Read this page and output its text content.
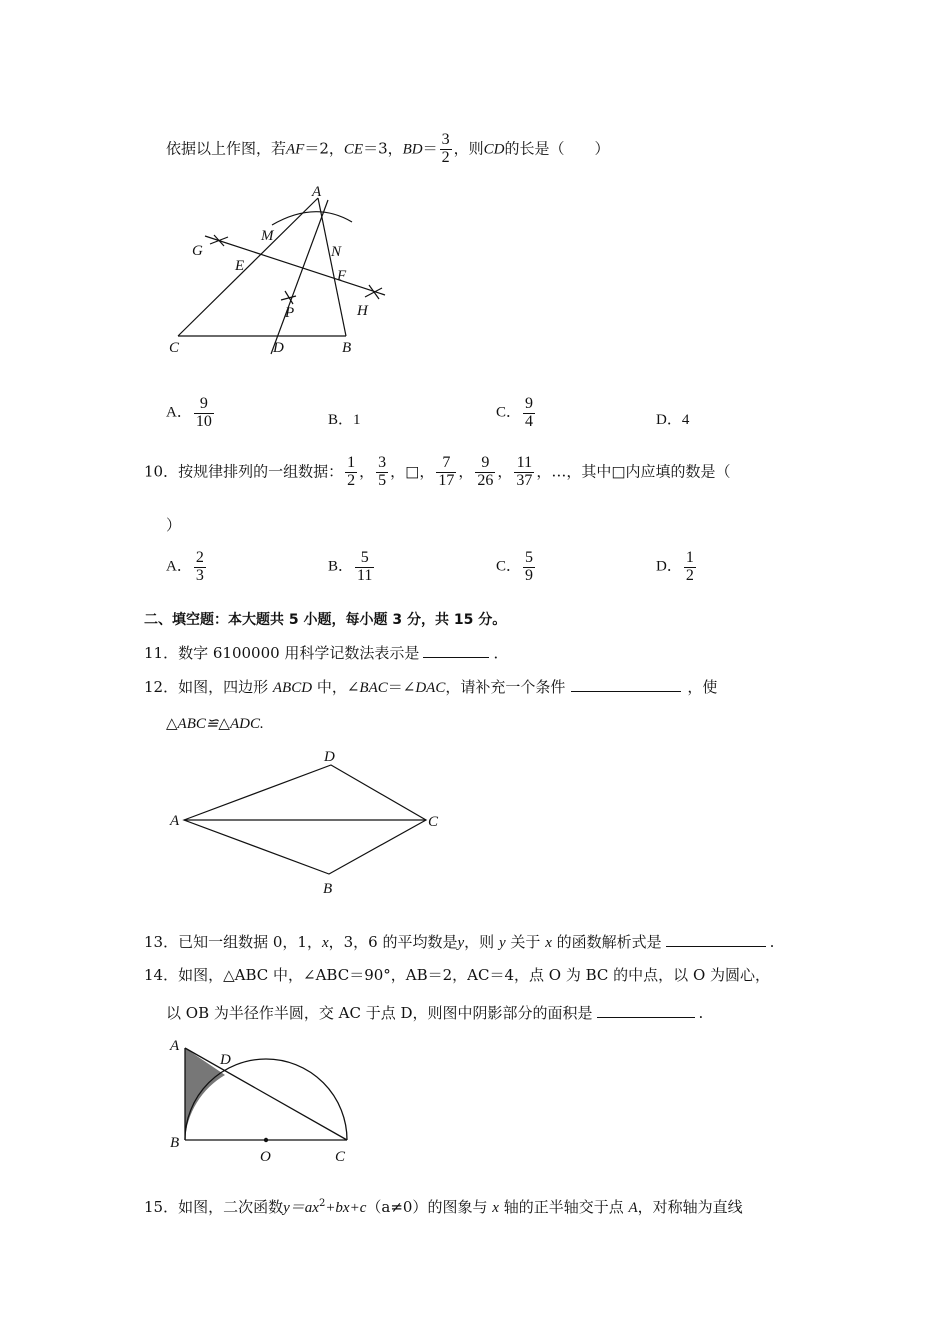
依据以上作图，若AF＝2，CE＝3，$BD= \frac{3}{2}$ ，则CD的长是（　　）
A
M
G	N
E
F
H
P
C	D	B
A． $\frac{9}{10}$	B．1	C． $\frac{9}{4}$	D．4
10．按规律排列的一组数据： $\frac{1}{2}$ ， $\frac{3}{5}$ ，□， $\frac{7}{17}$ ， $\frac{9}{26}$ ， $\frac{11}{37}$ ，…，其中□内应填的数是（
）
A． $\frac{2}{3}$	B． $\frac{5}{11}$	C． $\frac{5}{9}$	D． $\frac{1}{2}$
二、填空题：本大题共 5 小题，每小题 3 分，共 15 分。
11．数字 6100000 用科学记数法表示是	．
12．如图，四边形 ABCD 中，∠BAC＝∠DAC，请补充一个条件	，使
△ABC≌△ADC.
A
D
C
B
13．已知一组数据 0，1，x，3，6 的平均数是y，则 y 关于 x 的函数解析式是	.
14．如图，△ABC 中，∠ABC＝90°，AB＝2，AC＝4，点 O 为 BC 的中点，以 O 为圆心，
以 OB 为半径作半圆，交 AC 于点 D，则图中阴影部分的面积是	.
A
D
B
O	C
15．如图，二次函数$y=ax^2+bx+c(a\ne 0)$的图象与 x 轴的正半轴交于点 A，对称轴为直线
